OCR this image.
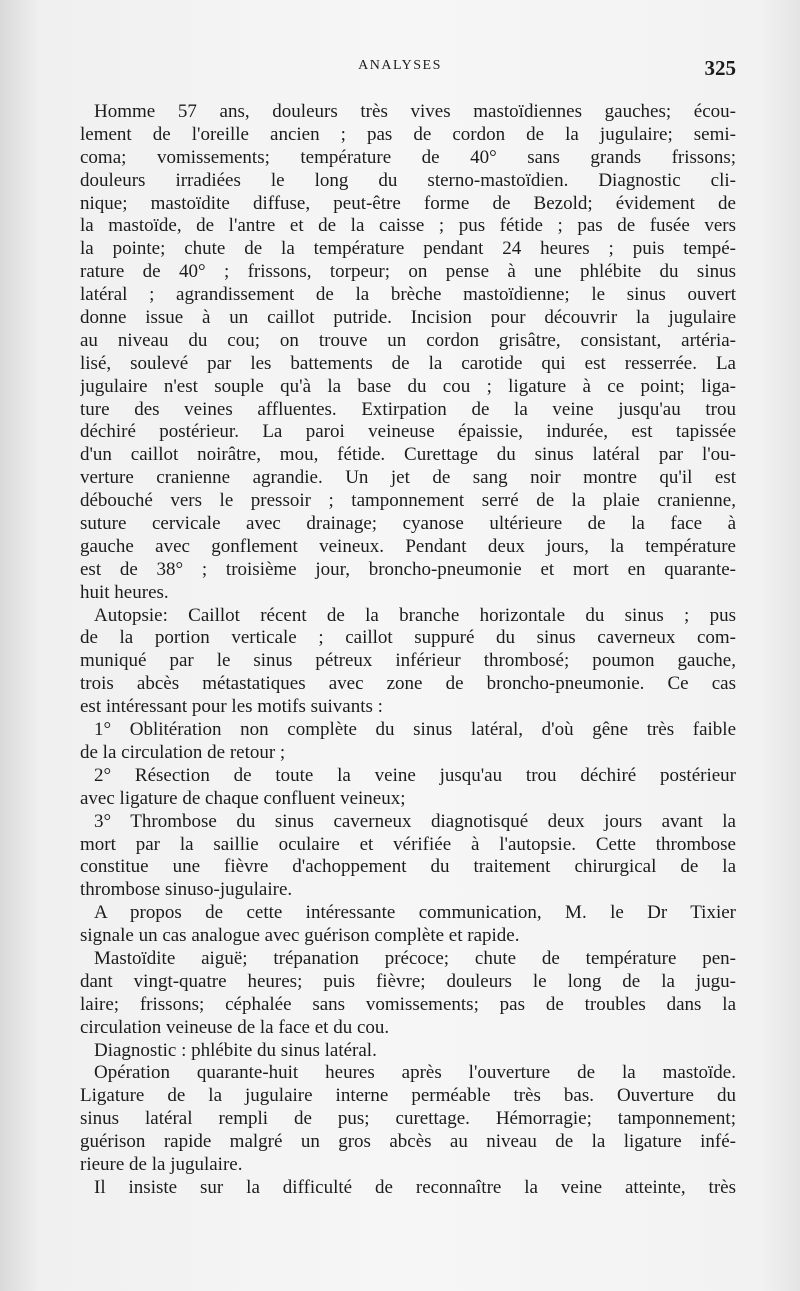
ANALYSES	325
Homme 57 ans, douleurs très vives mastoïdiennes gauches; écou-
lement de l'oreille ancien ; pas de cordon de la jugulaire; semi-
coma; vomissements; température de 40° sans grands frissons;
douleurs irradiées le long du sterno-mastoïdien. Diagnostic cli-
nique; mastoïdite diffuse, peut-être forme de Bezold; évidement de
la mastoïde, de l'antre et de la caisse ; pus fétide ; pas de fusée vers
la pointe; chute de la température pendant 24 heures ; puis tempé-
rature de 40° ; frissons, torpeur; on pense à une phlébite du sinus
latéral ; agrandissement de la brèche mastoïdienne; le sinus ouvert
donne issue à un caillot putride. Incision pour découvrir la jugulaire
au niveau du cou; on trouve un cordon grisâtre, consistant, artéria-
lisé, soulevé par les battements de la carotide qui est resserrée. La
jugulaire n'est souple qu'à la base du cou ; ligature à ce point; liga-
ture des veines affluentes. Extirpation de la veine jusqu'au trou
déchiré postérieur. La paroi veineuse épaissie, indurée, est tapissée
d'un caillot noirâtre, mou, fétide. Curettage du sinus latéral par l'ou-
verture cranienne agrandie. Un jet de sang noir montre qu'il est
débouché vers le pressoir ; tamponnement serré de la plaie cranienne,
suture cervicale avec drainage; cyanose ultérieure de la face à
gauche avec gonflement veineux. Pendant deux jours, la température
est de 38° ; troisième jour, broncho-pneumonie et mort en quarante-
huit heures.
Autopsie: Caillot récent de la branche horizontale du sinus ; pus
de la portion verticale ; caillot suppuré du sinus caverneux com-
muniqué par le sinus pétreux inférieur thrombosé; poumon gauche,
trois abcès métastatiques avec zone de broncho-pneumonie. Ce cas
est intéressant pour les motifs suivants :
1° Oblitération non complète du sinus latéral, d'où gêne très faible
de la circulation de retour ;
2° Résection de toute la veine jusqu'au trou déchiré postérieur
avec ligature de chaque confluent veineux;
3° Thrombose du sinus caverneux diagnotisqué deux jours avant la
mort par la saillie oculaire et vérifiée à l'autopsie. Cette thrombose
constitue une fièvre d'achoppement du traitement chirurgical de la
thrombose sinuso-jugulaire.
A propos de cette intéressante communication, M. le Dr Tixier
signale un cas analogue avec guérison complète et rapide.
Mastoïdite aiguë; trépanation précoce; chute de température pen-
dant vingt-quatre heures; puis fièvre; douleurs le long de la jugu-
laire; frissons; céphalée sans vomissements; pas de troubles dans la
circulation veineuse de la face et du cou.
Diagnostic : phlébite du sinus latéral.
Opération quarante-huit heures après l'ouverture de la mastoïde.
Ligature de la jugulaire interne perméable très bas. Ouverture du
sinus latéral rempli de pus; curettage. Hémorragie; tamponnement;
guérison rapide malgré un gros abcès au niveau de la ligature infé-
rieure de la jugulaire.
Il insiste sur la difficulté de reconnaître la veine atteinte, très
